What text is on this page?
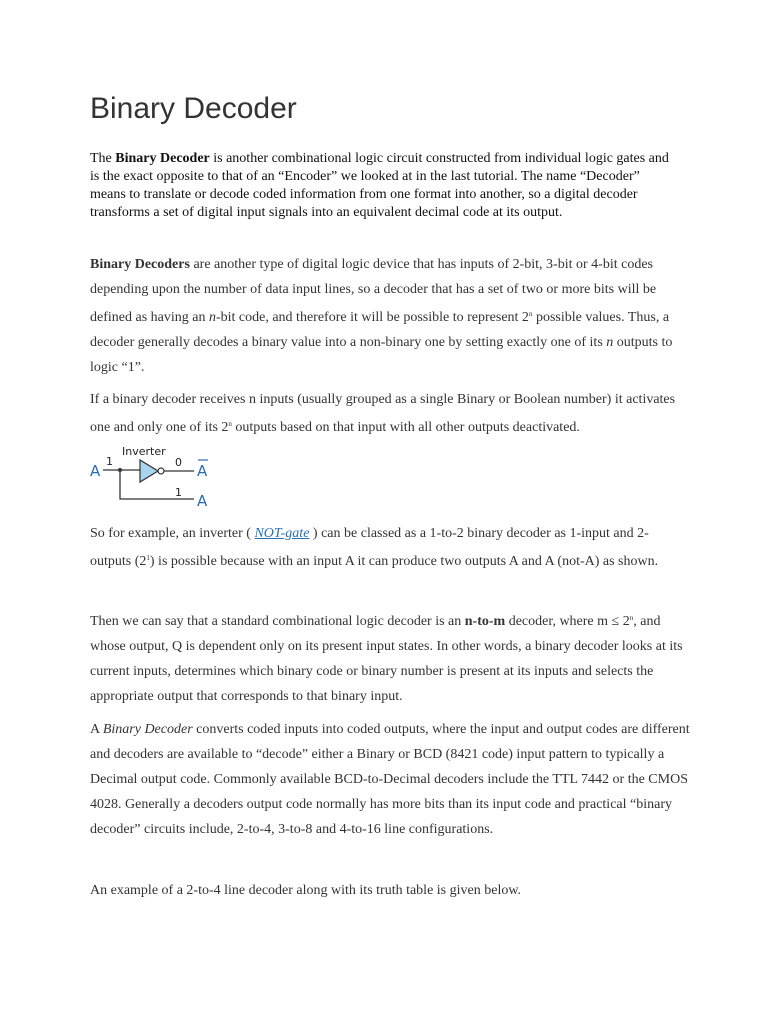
Binary Decoder

The Binary Decoder is another combinational logic circuit constructed from individual logic gates and is the exact opposite to that of an “Encoder” we looked at in the last tutorial. The name “Decoder” means to translate or decode coded information from one format into another, so a digital decoder transforms a set of digital input signals into an equivalent decimal code at its output.

Binary Decoders are another type of digital logic device that has inputs of 2-bit, 3-bit or 4-bit codes depending upon the number of data input lines, so a decoder that has a set of two or more bits will be defined as having an n-bit code, and therefore it will be possible to represent 2$^n$ possible values. Thus, a decoder generally decodes a binary value into a non-binary one by setting exactly one of its n outputs to logic “1”.

If a binary decoder receives n inputs (usually grouped as a single Binary or Boolean number) it activates one and only one of its 2$^n$ outputs based on that input with all other outputs deactivated.

A
1
Inverter
0 A
1 A

So for example, an inverter ( NOT-gate ) can be classed as a 1-to-2 binary decoder as 1-input and 2-outputs $(2^1)$ is possible because with an input A it can produce two outputs A and A (not-A) as shown.

Then we can say that a standard combinational logic decoder is an n-to-m decoder, where $m \le 2^n$, and whose output, Q is dependent only on its present input states. In other words, a binary decoder looks at its current inputs, determines which binary code or binary number is present at its inputs and selects the appropriate output that corresponds to that binary input.

A Binary Decoder converts coded inputs into coded outputs, where the input and output codes are different and decoders are available to “decode” either a Binary or BCD (8421 code) input pattern to typically a Decimal output code. Commonly available BCD-to-Decimal decoders include the TTL 7442 or the CMOS 4028. Generally a decoders output code normally has more bits than its input code and practical “binary decoder” circuits include, 2-to-4, 3-to-8 and 4-to-16 line configurations.

An example of a 2-to-4 line decoder along with its truth table is given below.
